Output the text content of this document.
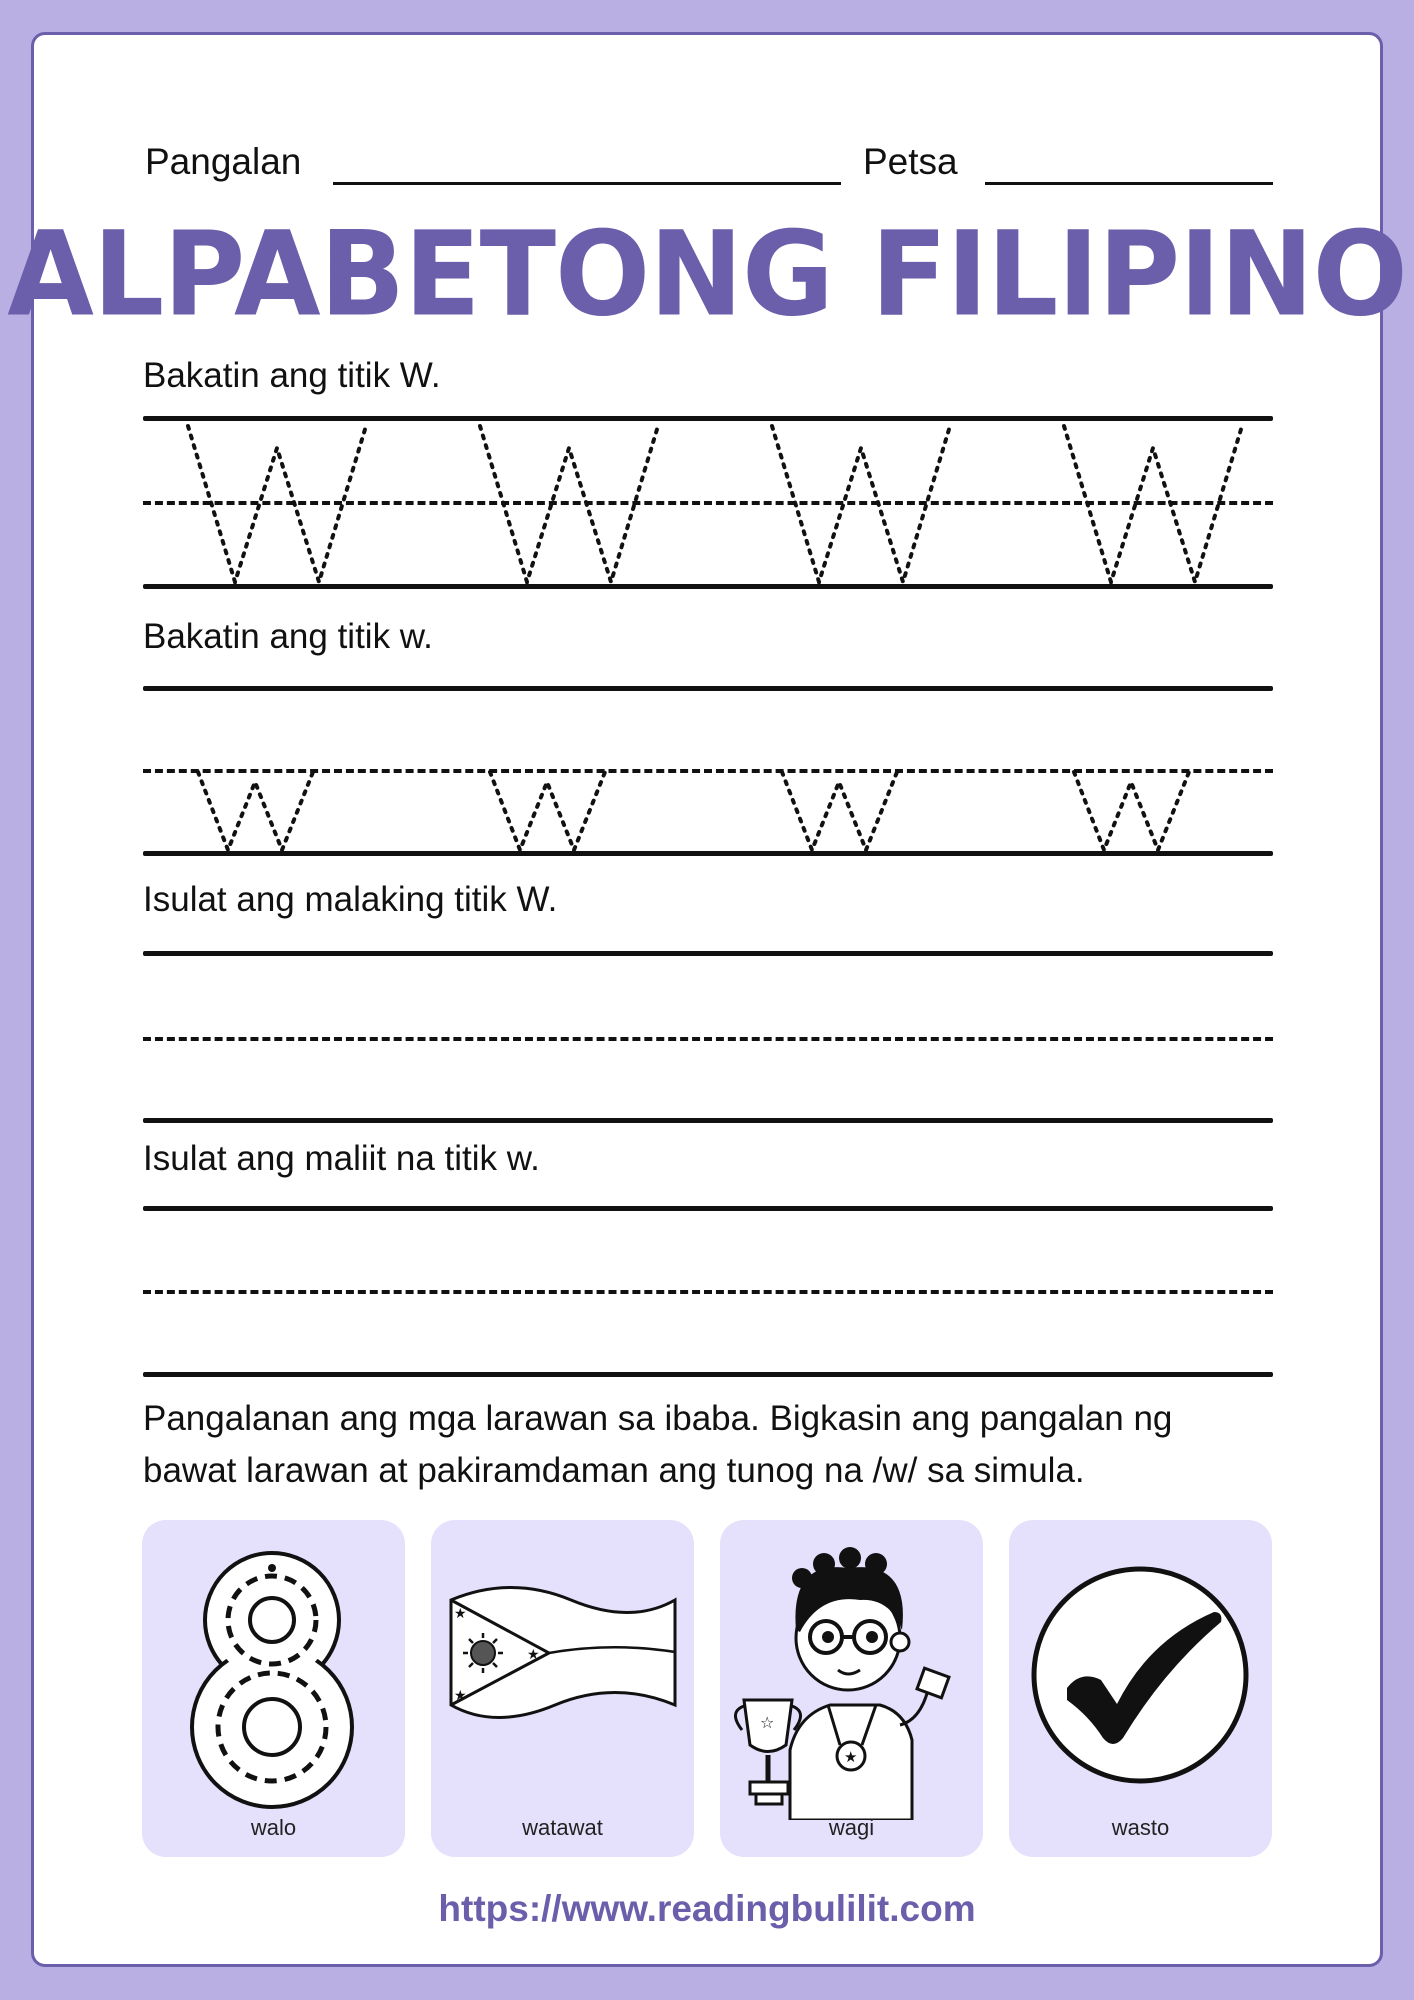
Pangalan	Petsa
ALPABETONG FILIPINO
Bakatin ang titik W.
Bakatin ang titik w.
Isulat ang malaking titik W.
Isulat ang maliit na titik w.
Pangalanan ang mga larawan sa ibaba. Bigkasin ang pangalan ng
bawat larawan at pakiramdaman ang tunog na /w/ sa simula.
walo
★
★
★
watawat
★
☆
wagi	wasto
https://www.readingbulilit.com
